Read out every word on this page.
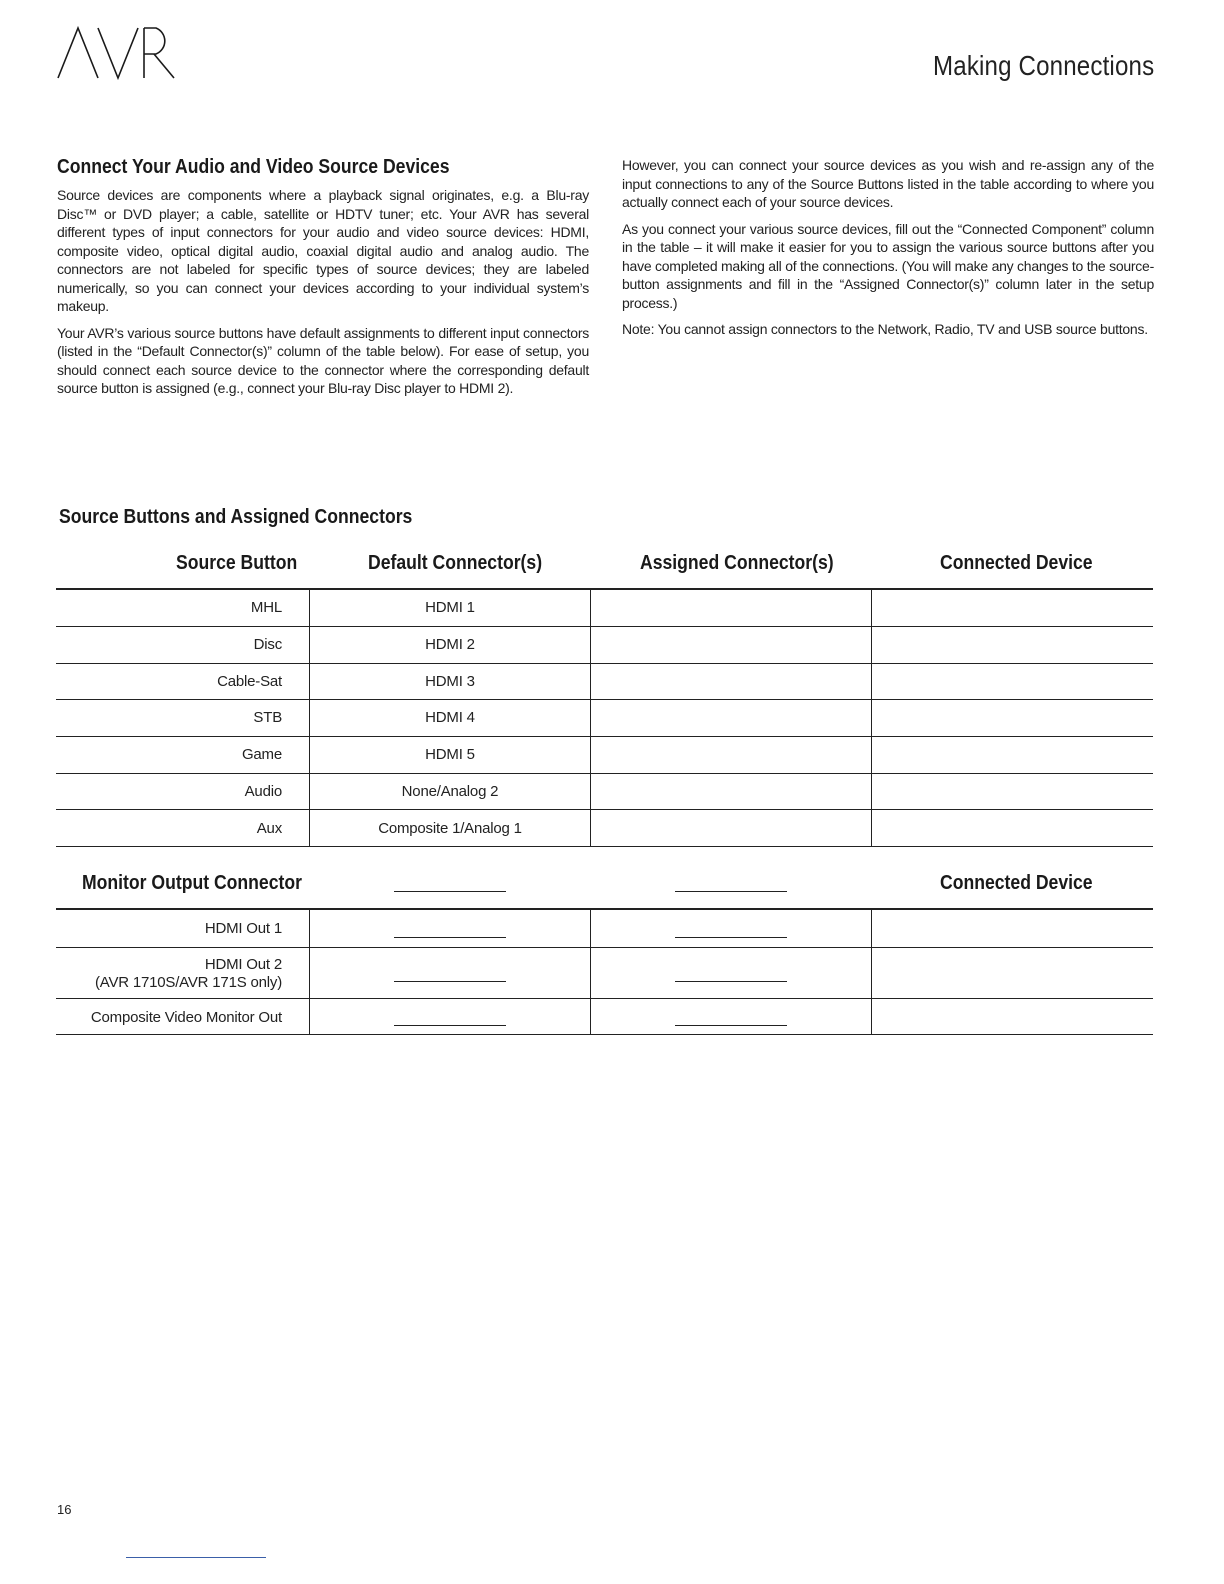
Making Connections
Connect Your Audio and Video Source Devices

Source devices are components where a playback signal originates, e.g. a Blu-ray Disc™ or DVD player; a cable, satellite or HDTV tuner; etc. Your AVR has several different types of input connectors for your audio and video source devices: HDMI, composite video, optical digital audio, coaxial digital audio and analog audio. The connectors are not labeled for specific types of source devices; they are labeled numerically, so you can connect your devices according to your individual system’s makeup.

Your AVR’s various source buttons have default assignments to different input connectors (listed in the “Default Connector(s)” column of the table below). For ease of setup, you should connect each source device to the connector where the corresponding default source button is assigned (e.g., connect your Blu-ray Disc player to HDMI 2).

However, you can connect your source devices as you wish and re-assign any of the input connections to any of the Source Buttons listed in the table according to where you actually connect each of your source devices.

As you connect your various source devices, fill out the “Connected Component” column in the table – it will make it easier for you to assign the various source buttons after you have completed making all of the connections. (You will make any changes to the source-button assignments and fill in the “Assigned Connector(s)” column later in the setup process.)

Note: You cannot assign connectors to the Network, Radio, TV and USB source buttons.

Source Buttons and Assigned Connectors
Source Button	Default Connector(s)	Assigned Connector(s)	Connected Device
MHL	HDMI 1
Disc	HDMI 2
Cable-Sat	HDMI 3
STB	HDMI 4
Game	HDMI 5
Audio	None/Analog 2
Aux	Composite 1/Analog 1
Monitor Output Connector	Connected Device
HDMI Out 1
HDMI Out 2
(AVR 1710S/AVR 171S only)
Composite Video Monitor Out
16
